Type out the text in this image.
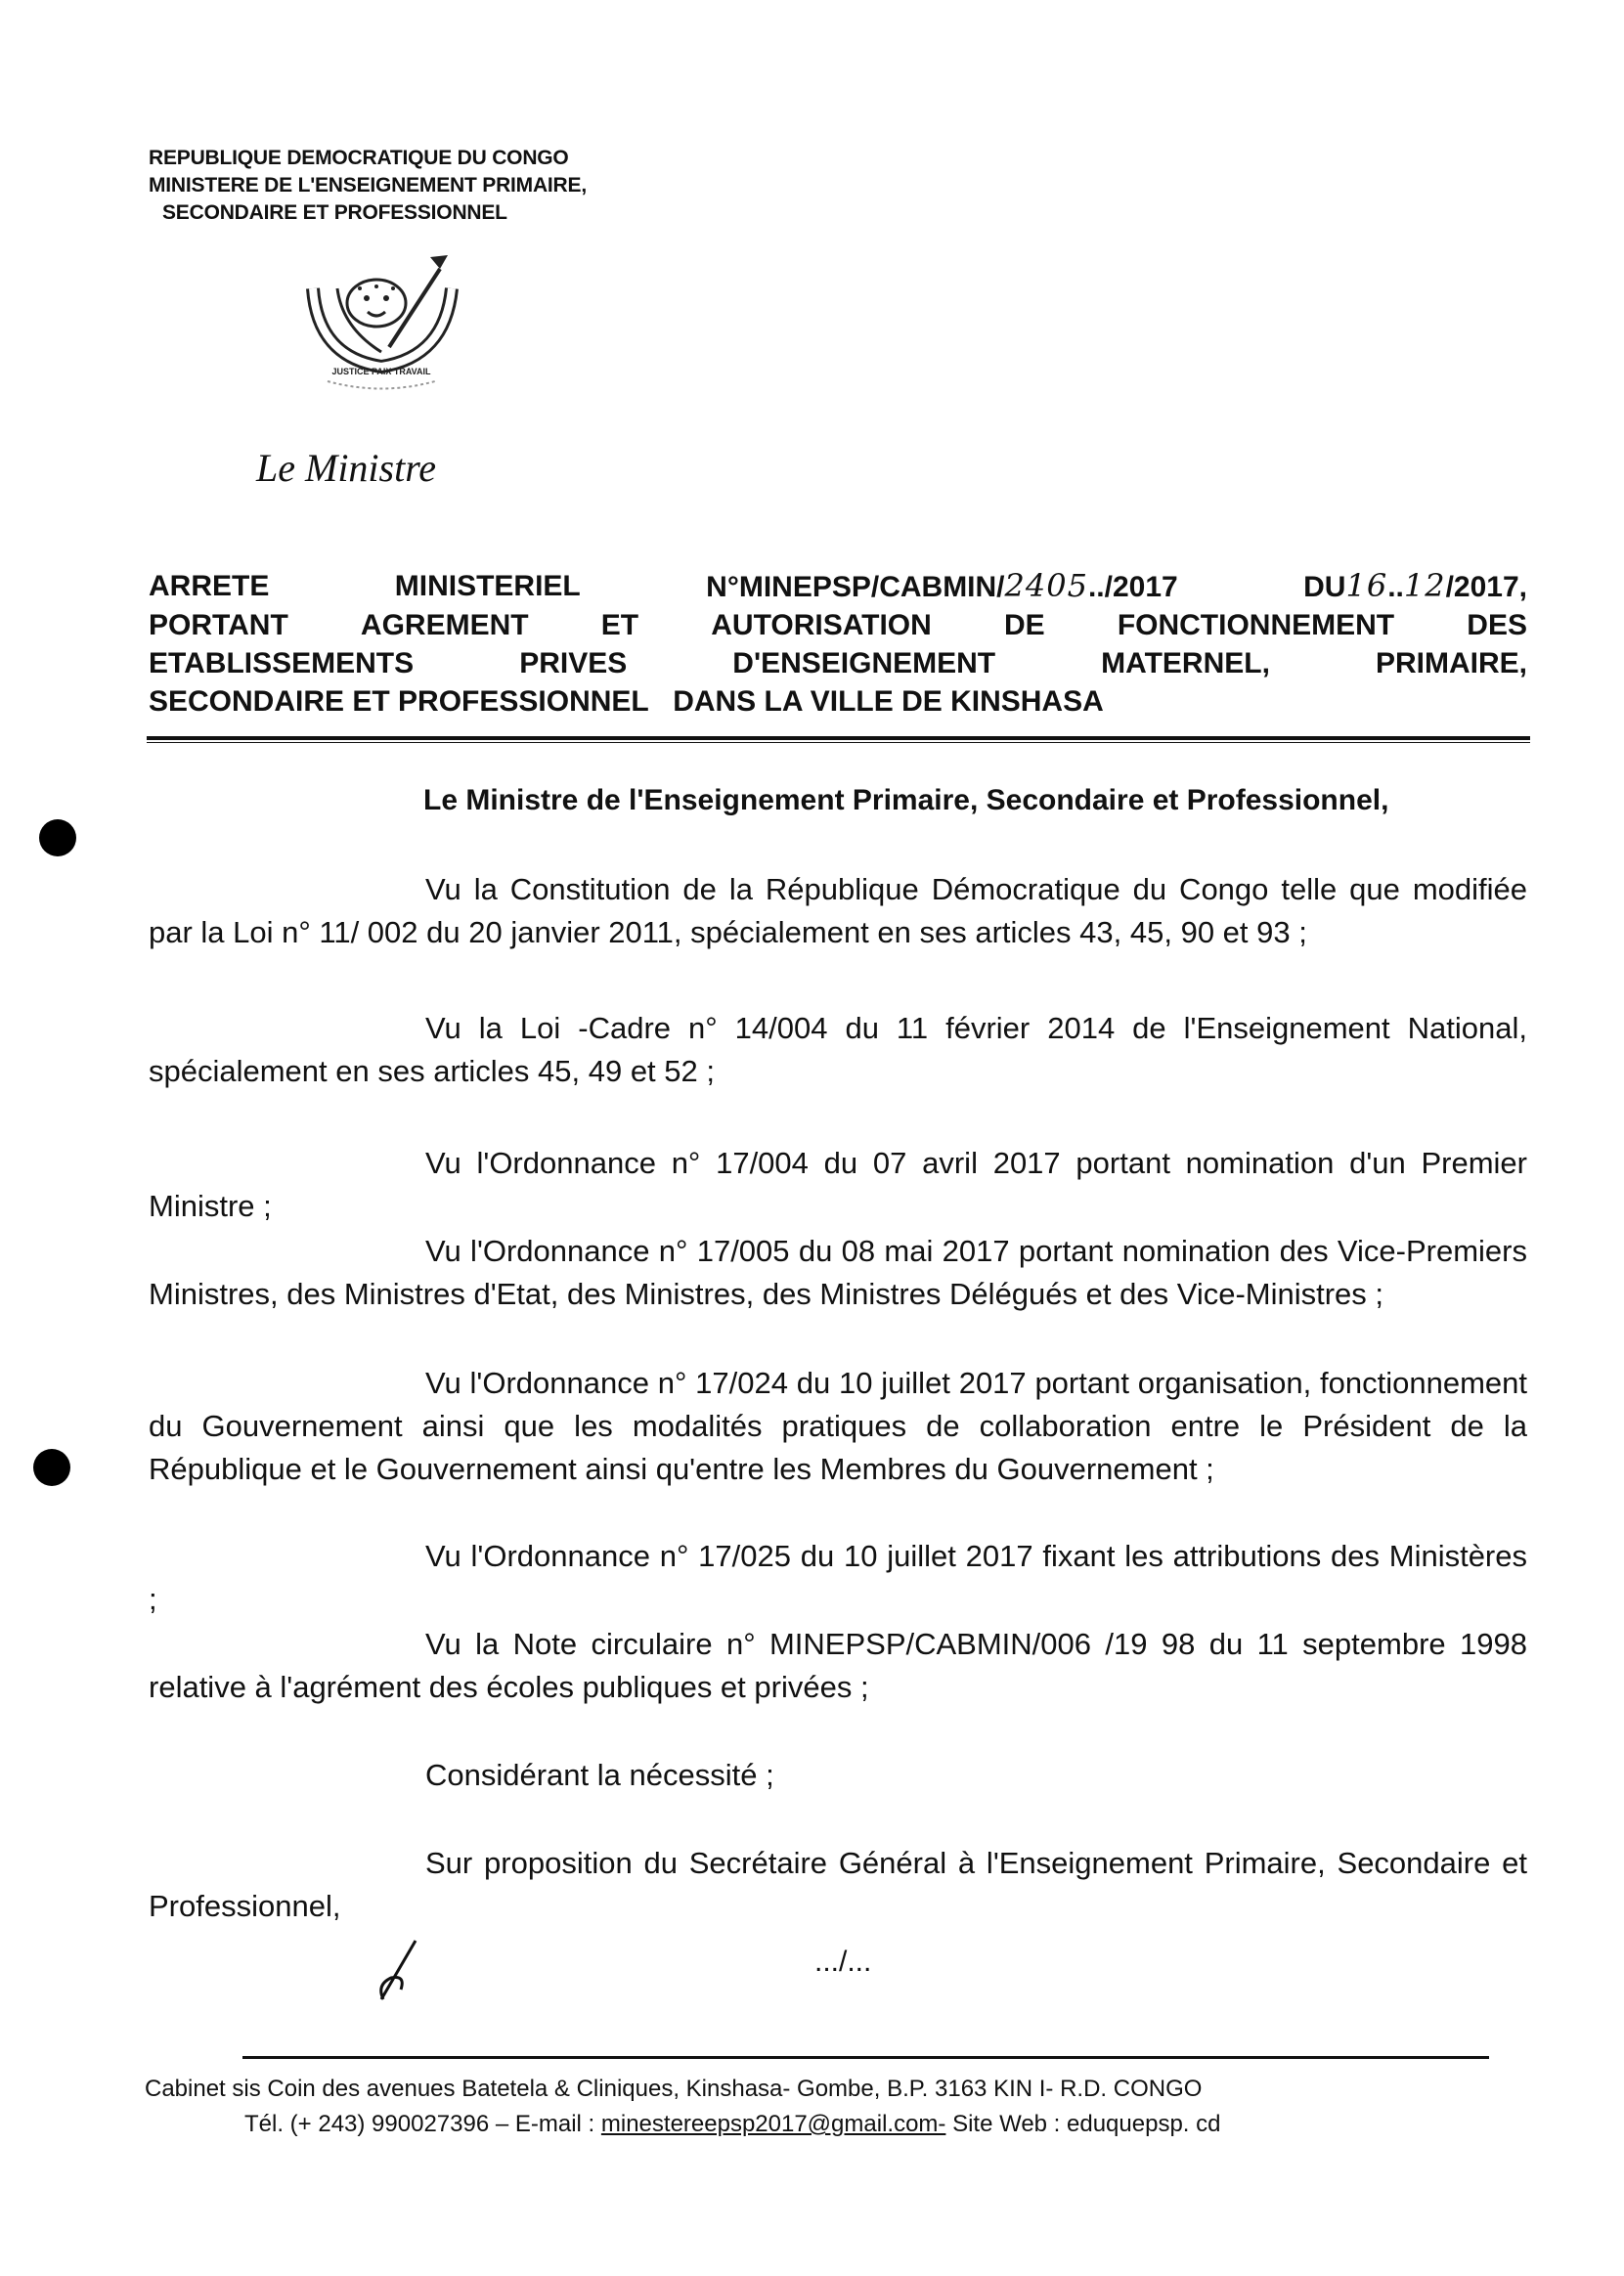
REPUBLIQUE DEMOCRATIQUE DU CONGO
MINISTERE DE L'ENSEIGNEMENT PRIMAIRE,
SECONDAIRE ET PROFESSIONNEL
JUSTICE PAIX TRAVAIL
Le Ministre
ARRETE	MINISTERIEL	N°MINEPSP/CABMIN/2405../2017	DU16..12/2017,
PORTANT AGREMENT ET AUTORISATION DE FONCTIONNEMENT DES
ETABLISSEMENTS	PRIVES	D'ENSEIGNEMENT	MATERNEL,	PRIMAIRE,
SECONDAIRE ET PROFESSIONNEL   DANS LA VILLE DE KINSHASA
Le Ministre de l'Enseignement Primaire, Secondaire et Professionnel,
Vu la Constitution de la République Démocratique du Congo telle que modifiée par la Loi n° 11/ 002 du 20 janvier 2011, spécialement en ses articles 43, 45, 90 et 93 ;
Vu la Loi -Cadre n° 14/004 du 11 février 2014 de l'Enseignement National, spécialement en ses articles 45, 49 et 52 ;
Vu l'Ordonnance n° 17/004 du 07 avril 2017 portant nomination d'un Premier Ministre ;
Vu l'Ordonnance n° 17/005 du 08 mai 2017 portant nomination des Vice-Premiers Ministres, des Ministres d'Etat, des Ministres, des Ministres Délégués et des Vice-Ministres ;
Vu l'Ordonnance n° 17/024 du 10 juillet 2017 portant organisation, fonctionnement du Gouvernement ainsi que les modalités pratiques de collaboration entre le Président de la République et le Gouvernement ainsi qu'entre les Membres du Gouvernement ;
Vu l'Ordonnance n° 17/025 du 10 juillet 2017 fixant les attributions des Ministères ;
Vu la Note circulaire n° MINEPSP/CABMIN/006 /19 98 du 11 septembre 1998 relative à l'agrément des écoles publiques et privées ;
Considérant la nécessité ;
Sur proposition du Secrétaire Général à l'Enseignement Primaire, Secondaire et Professionnel,
.../...
Cabinet sis Coin des avenues Batetela & Cliniques, Kinshasa- Gombe, B.P. 3163 KIN I- R.D. CONGO
Tél. (+ 243) 990027396 – E-mail : minestereepsp2017@gmail.com- Site Web : eduquepsp. cd
